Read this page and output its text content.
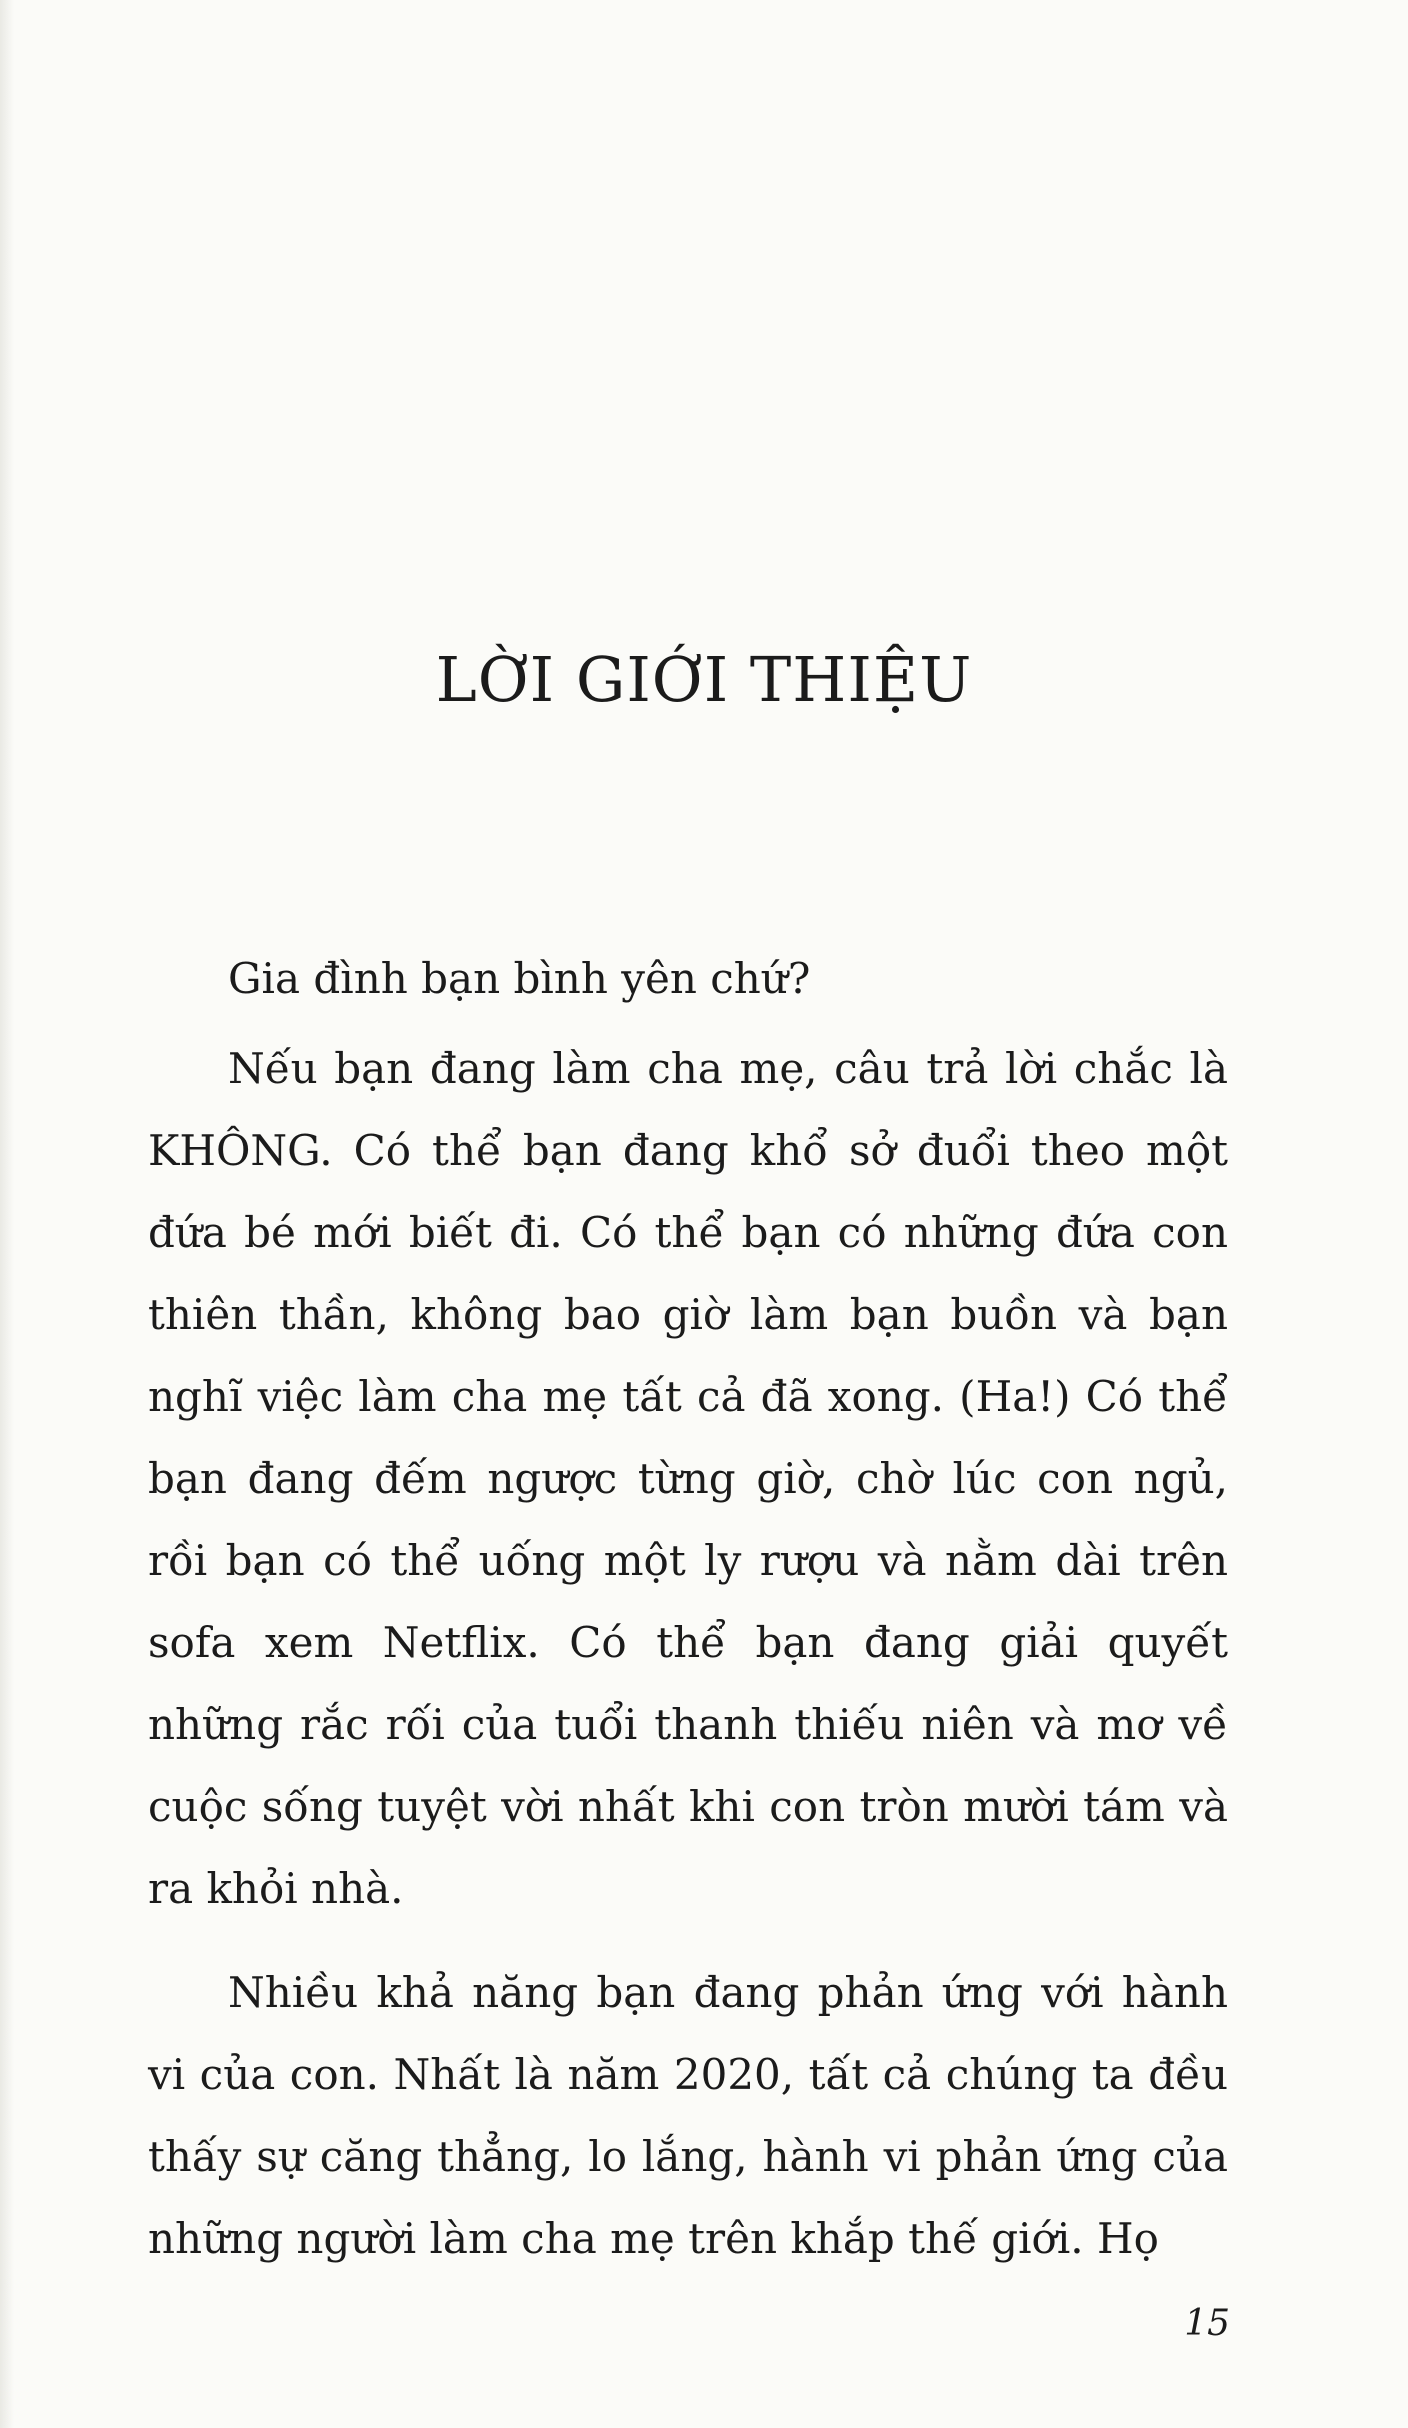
LỜI GIỚI THIỆU

Gia đình bạn bình yên chứ?

Nếu bạn đang làm cha mẹ, câu trả lời chắc là KHÔNG. Có thể bạn đang khổ sở đuổi theo một đứa bé mới biết đi. Có thể bạn có những đứa con thiên thần, không bao giờ làm bạn buồn và bạn nghĩ việc làm cha mẹ tất cả đã xong. (Ha!) Có thể bạn đang đếm ngược từng giờ, chờ lúc con ngủ, rồi bạn có thể uống một ly rượu và nằm dài trên sofa xem Netflix. Có thể bạn đang giải quyết những rắc rối của tuổi thanh thiếu niên và mơ về cuộc sống tuyệt vời nhất khi con tròn mười tám và ra khỏi nhà.

Nhiều khả năng bạn đang phản ứng với hành vi của con. Nhất là năm 2020, tất cả chúng ta đều thấy sự căng thẳng, lo lắng, hành vi phản ứng của những người làm cha mẹ trên khắp thế giới. Họ

15
